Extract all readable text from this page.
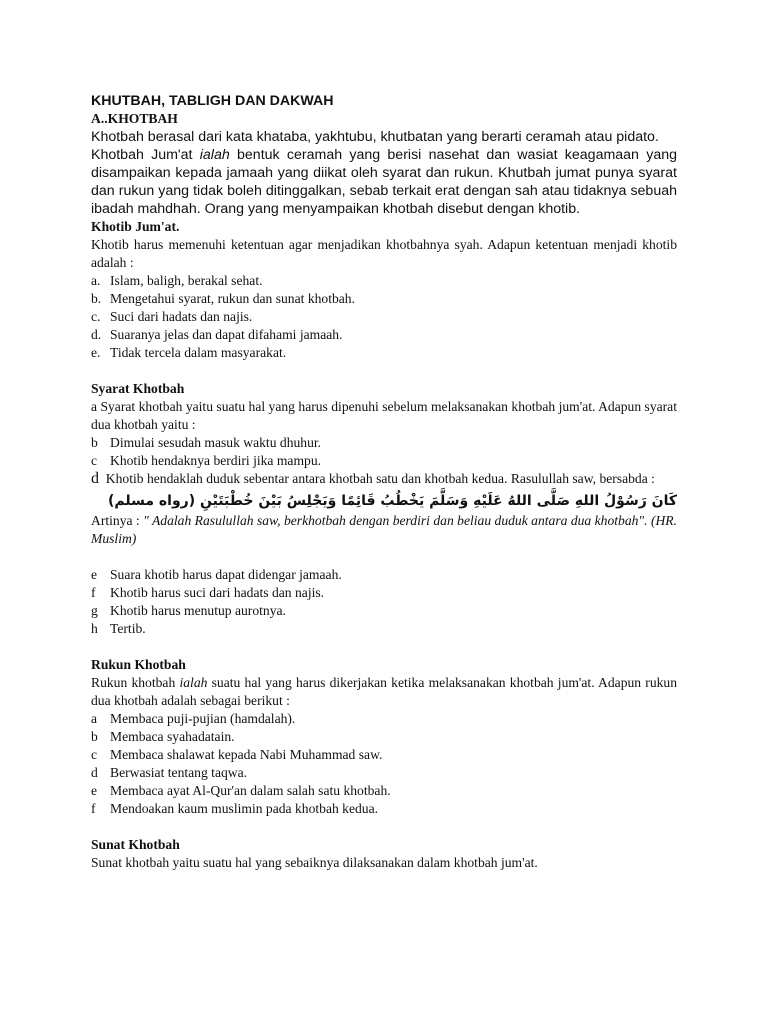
KHUTBAH, TABLIGH DAN DAKWAH
A..KHOTBAH

Khotbah berasal dari kata khataba, yakhtubu, khutbatan yang berarti ceramah atau pidato.

Khotbah Jum'at ialah bentuk ceramah yang berisi nasehat dan wasiat keagamaan yang disampaikan kepada jamaah yang diikat oleh syarat dan rukun. Khutbah jumat punya syarat dan rukun yang tidak boleh ditinggalkan, sebab terkait erat dengan sah atau tidaknya sebuah ibadah mahdhah. Orang yang menyampaikan khotbah disebut dengan khotib.

Khotib Jum'at.

Khotib harus memenuhi ketentuan agar menjadikan khotbahnya syah. Adapun ketentuan menjadi khotib adalah :

a. Islam, baligh, berakal sehat.
b. Mengetahui syarat, rukun dan sunat khotbah.
c. Suci dari hadats dan najis.
d. Suaranya jelas dan dapat difahami jamaah.
e. Tidak tercela dalam masyarakat.
Syarat Khotbah

a Syarat khotbah yaitu suatu hal yang harus dipenuhi sebelum melaksanakan khotbah jum'at. Adapun syarat dua khotbah yaitu :

b Dimulai sesudah masuk waktu dhuhur.
c Khotib hendaknya berdiri jika mampu.

d Khotib hendaklah duduk sebentar antara khotbah satu dan khotbah kedua. Rasulullah saw, bersabda :

كَانَ رَسُوْلُ اللهِ صَلَّى اللهُ عَلَيْهِ وَسَلَّمَ يَخْطُبُ قَائِمًا وَيَجْلِسُ بَيْنَ خُطْبَتَيْنِ (رواه مسلم)

Artinya : " Adalah Rasulullah saw, berkhotbah dengan berdiri dan beliau duduk antara dua khotbah". (HR. Muslim)

e Suara khotib harus dapat didengar jamaah.
f	Khotib harus suci dari hadats dan najis.
g Khotib harus menutup aurotnya.
h Tertib.
Rukun Khotbah

Rukun khotbah ialah suatu hal yang harus dikerjakan ketika melaksanakan khotbah jum'at. Adapun rukun dua khotbah adalah sebagai berikut :

a Membaca puji-pujian (hamdalah).
b Membaca syahadatain.
c Membaca shalawat kepada Nabi Muhammad saw.
d Berwasiat tentang taqwa.
e Membaca ayat Al-Qur'an dalam salah satu khotbah.
f	Mendoakan kaum muslimin pada khotbah kedua.
Sunat Khotbah

Sunat khotbah yaitu suatu hal yang sebaiknya dilaksanakan dalam khotbah jum'at.
